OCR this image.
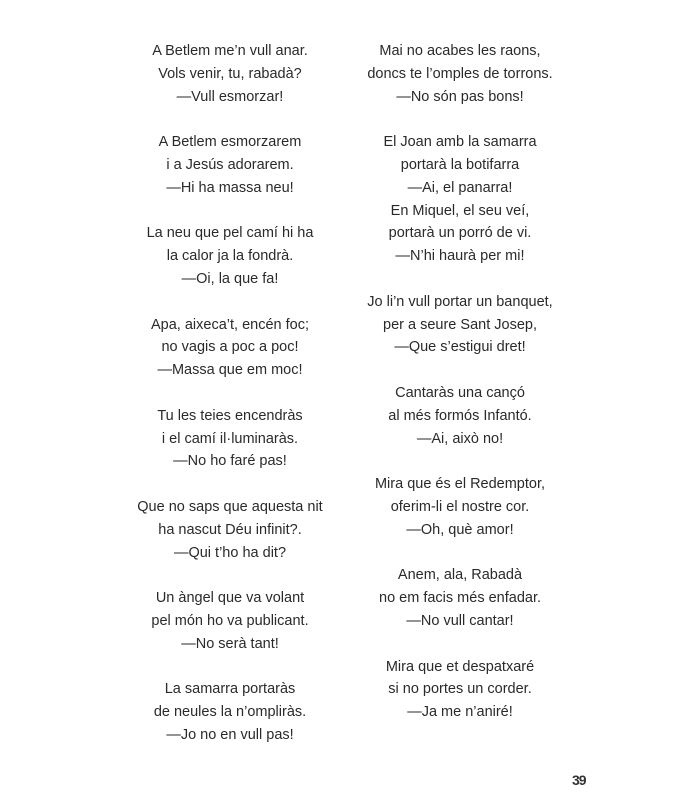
A Betlem me’n vull anar.
Vols venir, tu, rabadà?
—Vull esmorzar!
A Betlem esmorzarem
i a Jesús adorarem.
—Hi ha massa neu!
La neu que pel camí hi ha
la calor ja la fondrà.
—Oi, la que fa!
Apa, aixeca’t, encén foc;
no vagis a poc a poc!
—Massa que em moc!
Tu les teies encendràs
i el camí il·luminaràs.
—No ho faré pas!
Que no saps que aquesta nit
ha nascut Déu infinit?.
—Qui t’ho ha dit?
Un àngel que va volant
pel món ho va publicant.
—No serà tant!
La samarra portaràs
de neules la n’ompliràs.
—Jo no en vull pas!
Mai no acabes les raons,
doncs te l’omples de torrons.
—No són pas bons!
El Joan amb la samarra
portarà la botifarra
—Ai, el panarra!
En Miquel, el seu veí,
portarà un porró de vi.
—N’hi haurà per mi!
Jo li’n vull portar un banquet,
per a seure Sant Josep,
—Que s’estigui dret!
Cantaràs una cançó
al més formós Infantó.
—Ai, això no!
Mira que és el Redemptor,
oferim-li el nostre cor.
—Oh, què amor!
Anem, ala, Rabadà
no em facis més enfadar.
—No vull cantar!
Mira que et despatxaré
si no portes un corder.
—Ja me n’aniré!
39
